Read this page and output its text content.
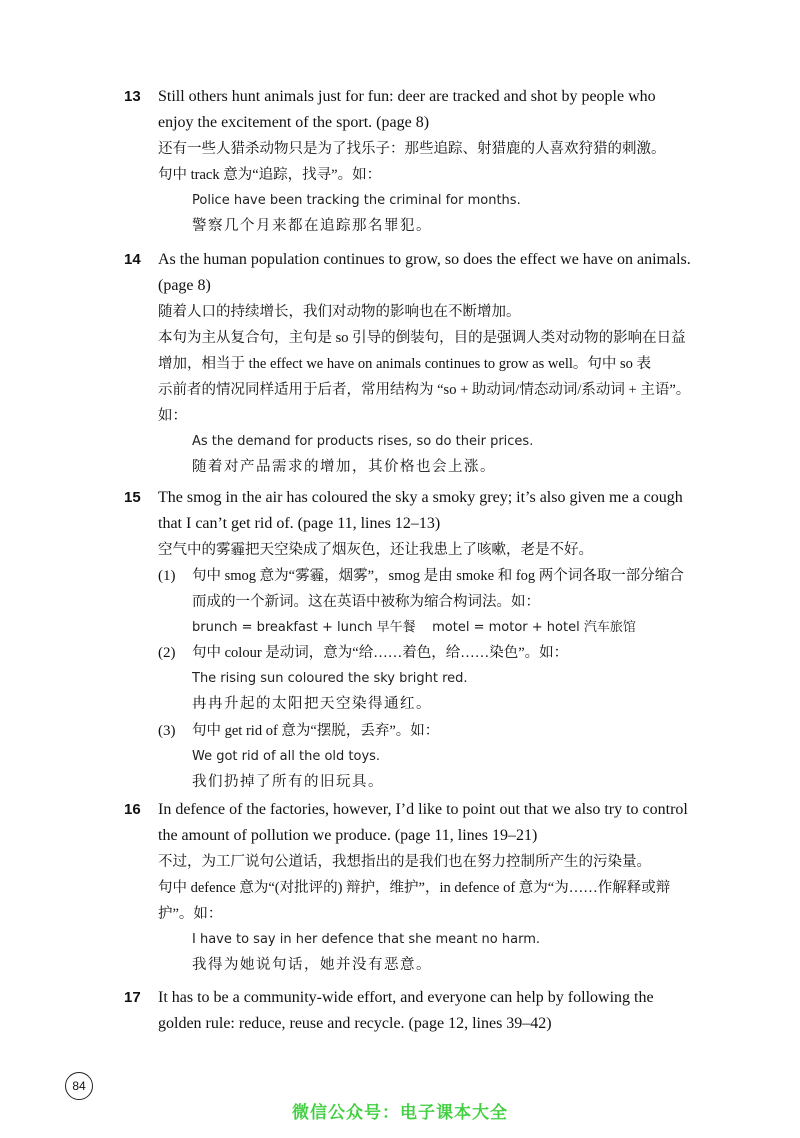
13 Still others hunt animals just for fun: deer are tracked and shot by people who
enjoy the excitement of the sport. (page 8)
还有一些人猎杀动物只是为了找乐子：那些追踪、射猎鹿的人喜欢狩猎的刺激。
句中 track 意为“追踪，找寻”。如：
Police have been tracking the criminal for months.
警察几个月来都在追踪那名罪犯。
14 As the human population continues to grow, so does the effect we have on animals.
(page 8)
随着人口的持续增长，我们对动物的影响也在不断增加。
本句为主从复合句，主句是 so 引导的倒装句，目的是强调人类对动物的影响在日益
增加，相当于 the effect we have on animals continues to grow as well。句中 so 表
示前者的情况同样适用于后者，常用结构为 “so + 助动词/情态动词/系动词 + 主语”。
如：
As the demand for products rises, so do their prices.
随着对产品需求的增加，其价格也会上涨。
15 The smog in the air has coloured the sky a smoky grey; it’s also given me a cough
that I can’t get rid of. (page 11, lines 12–13)
空气中的雾霾把天空染成了烟灰色，还让我患上了咳嗽，老是不好。
(1) 句中 smog 意为“雾霾，烟雾”，smog 是由 smoke 和 fog 两个词各取一部分缩合
而成的一个新词。这在英语中被称为缩合构词法。如：
brunch = breakfast + lunch 早午餐    motel = motor + hotel 汽车旅馆
(2) 句中 colour 是动词，意为“给……着色，给……染色”。如：
The rising sun coloured the sky bright red.
冉冉升起的太阳把天空染得通红。
(3) 句中 get rid of 意为“摆脱，丢弃”。如：
We got rid of all the old toys.
我们扔掉了所有的旧玩具。
16 In defence of the factories, however, I’d like to point out that we also try to control
the amount of pollution we produce. (page 11, lines 19–21)
不过，为工厂说句公道话，我想指出的是我们也在努力控制所产生的污染量。
句中 defence 意为“(对批评的) 辩护，维护”，in defence of 意为“为……作解释或辩
护”。如：
I have to say in her defence that she meant no harm.
我得为她说句话，她并没有恶意。
17 It has to be a community-wide effort, and everyone can help by following the
golden rule: reduce, reuse and recycle. (page 12, lines 39–42)
84
微信公众号：电子课本大全
